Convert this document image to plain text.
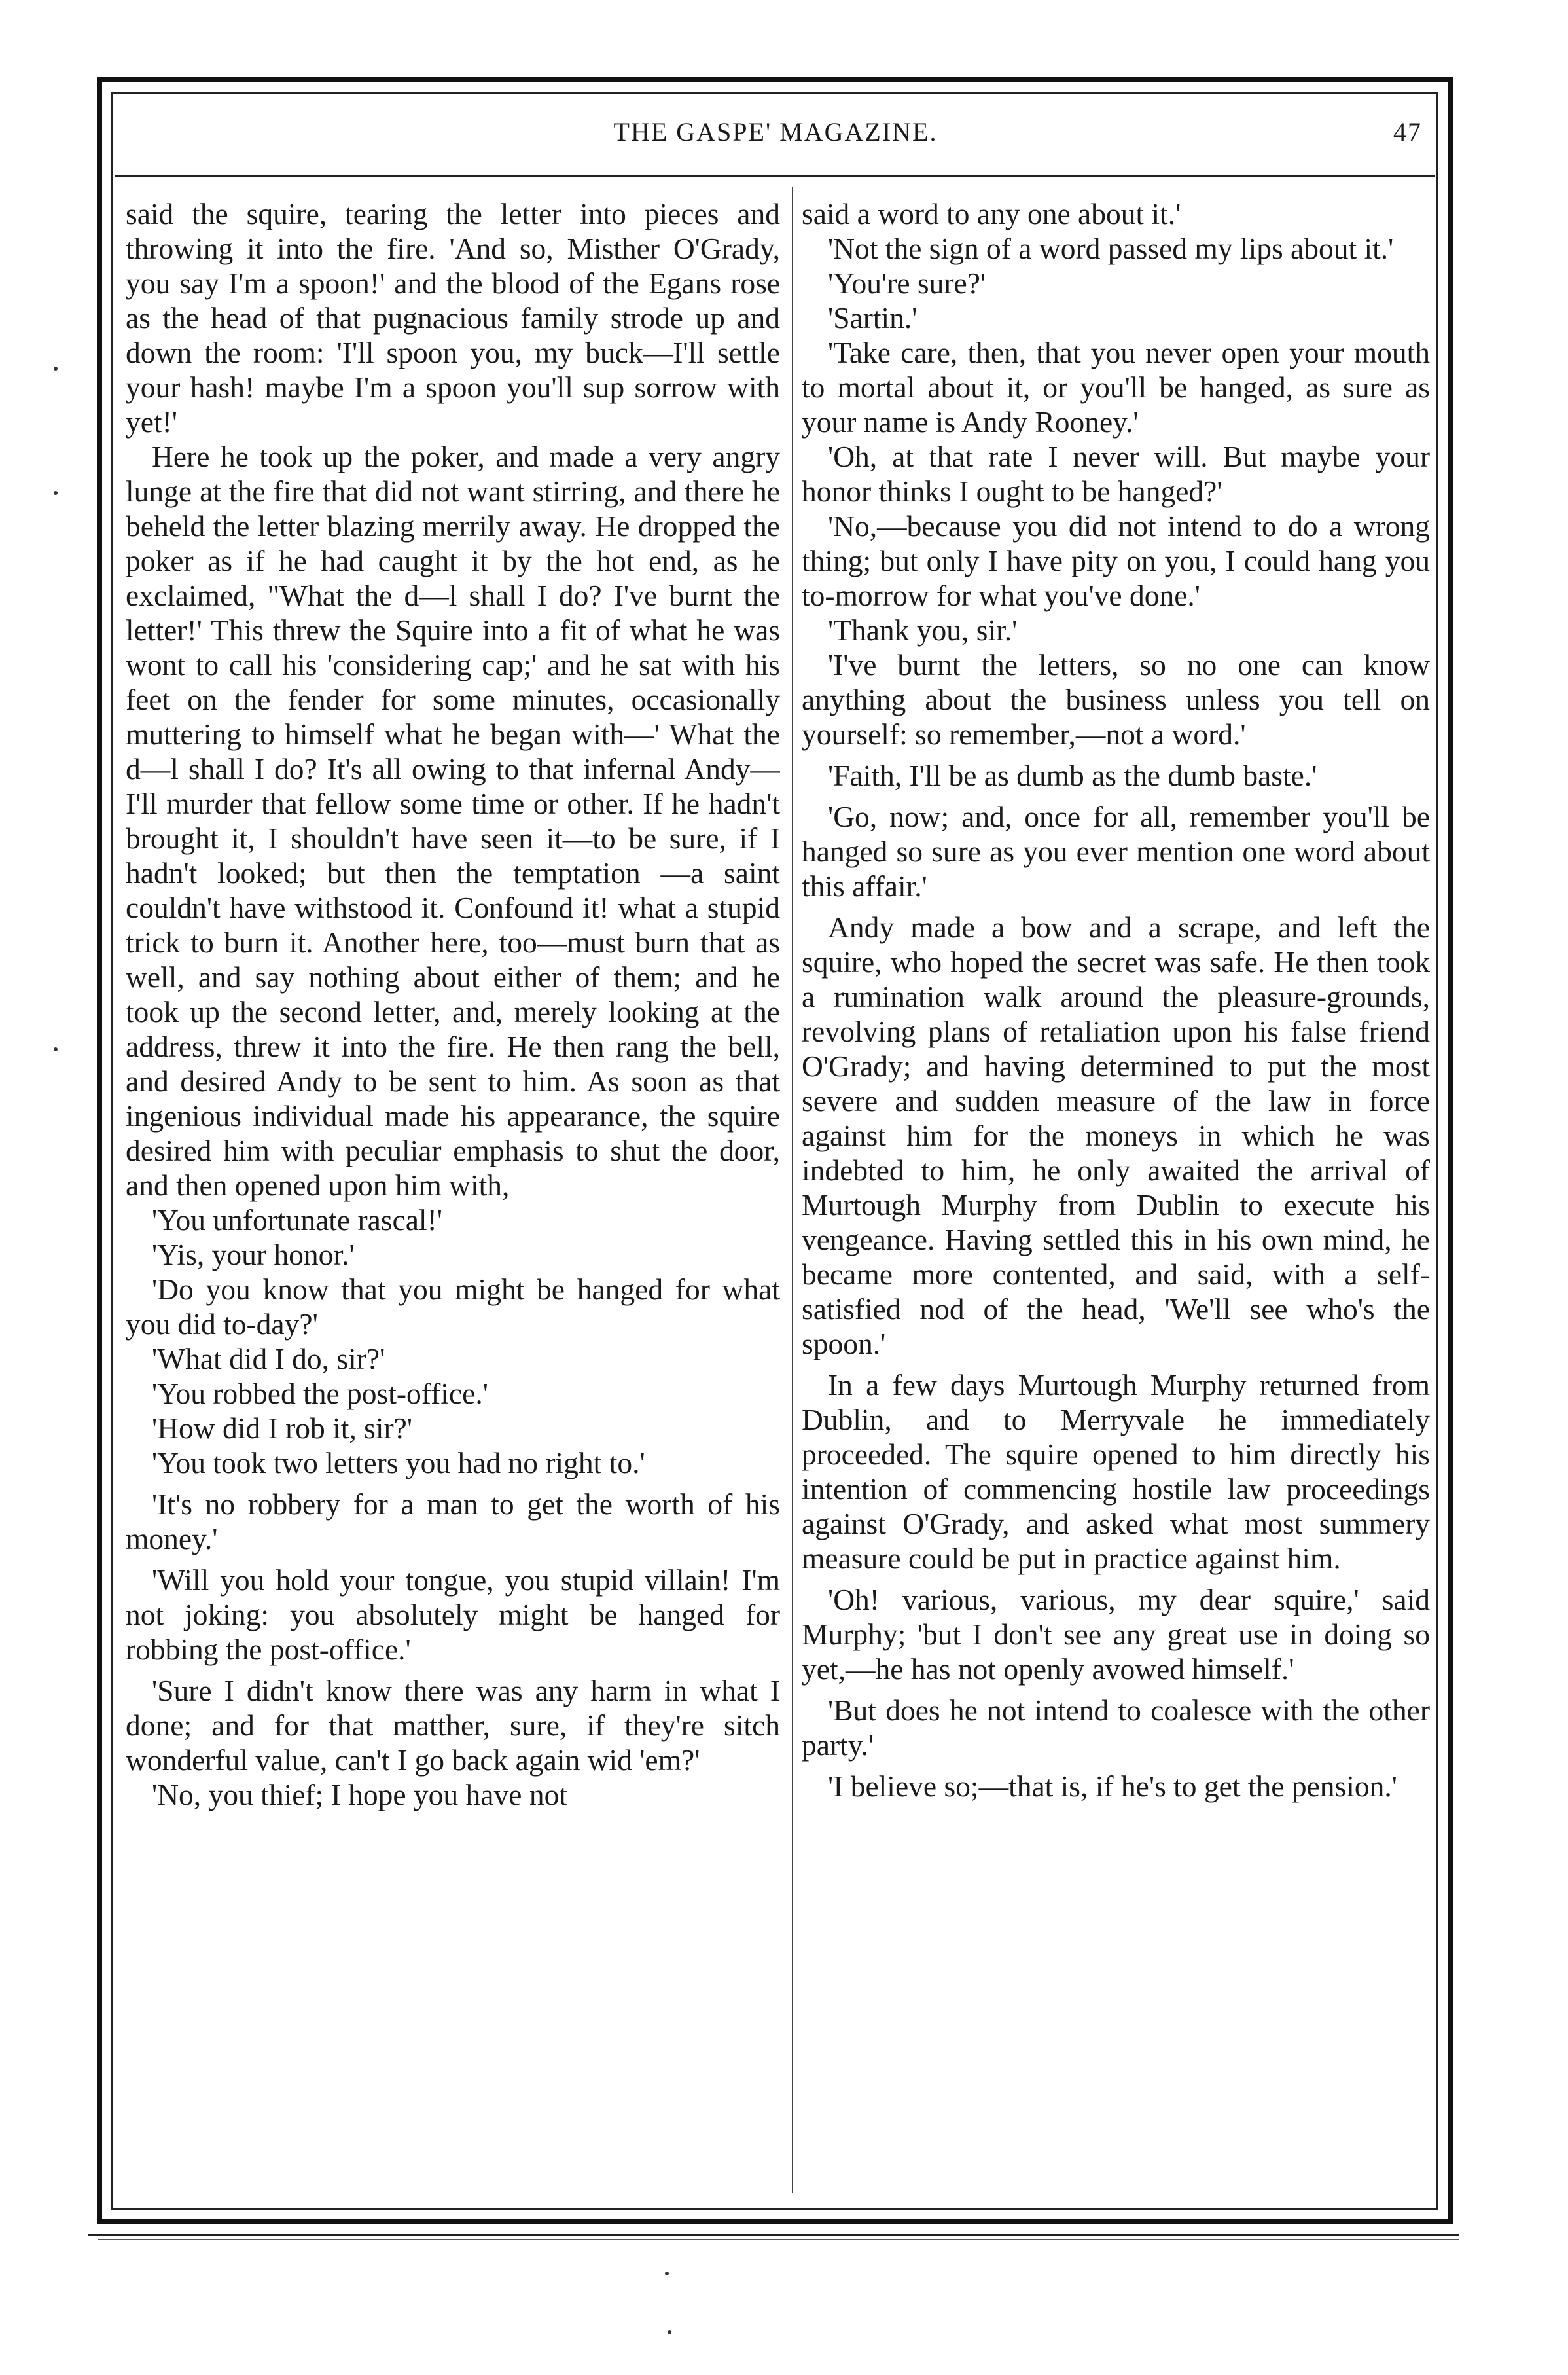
THE GASPE' MAGAZINE.	47

said the squire, tearing the letter into pieces and throwing it into the fire. 'And so, Misther O'Grady, you say I'm a spoon!' and the blood of the Egans rose as the head of that pugnacious family strode up and down the room: 'I'll spoon you, my buck—I'll settle your hash! maybe I'm a spoon you'll sup sorrow with yet!'

Here he took up the poker, and made a very angry lunge at the fire that did not want stirring, and there he beheld the letter blazing merrily away. He dropped the poker as if he had caught it by the hot end, as he exclaimed, "What the d—l shall I do? I've burnt the letter!' This threw the Squire into a fit of what he was wont to call his 'considering cap;' and he sat with his feet on the fender for some minutes, occasionally muttering to himself what he began with—' What the d—l shall I do? It's all owing to that infernal Andy—I'll murder that fellow some time or other. If he hadn't brought it, I shouldn't have seen it—to be sure, if I hadn't looked; but then the temptation —a saint couldn't have withstood it. Confound it! what a stupid trick to burn it. Another here, too—must burn that as well, and say nothing about either of them; and he took up the second letter, and, merely looking at the address, threw it into the fire. He then rang the bell, and desired Andy to be sent to him. As soon as that ingenious individual made his appearance, the squire desired him with peculiar emphasis to shut the door, and then opened upon him with,

'You unfortunate rascal!'

'Yis, your honor.'

'Do you know that you might be hanged for what you did to-day?'

'What did I do, sir?'

'You robbed the post-office.'

'How did I rob it, sir?'

'You took two letters you had no right to.'

'It's no robbery for a man to get the worth of his money.'

'Will you hold your tongue, you stupid villain! I'm not joking: you absolutely might be hanged for robbing the post-office.'

'Sure I didn't know there was any harm in what I done; and for that matther, sure, if they're sitch wonderful value, can't I go back again wid 'em?'

'No, you thief; I hope you have not

said a word to any one about it.'

'Not the sign of a word passed my lips about it.'

'You're sure?'

'Sartin.'

'Take care, then, that you never open your mouth to mortal about it, or you'll be hanged, as sure as your name is Andy Rooney.'

'Oh, at that rate I never will. But maybe your honor thinks I ought to be hanged?'

'No,—because you did not intend to do a wrong thing; but only I have pity on you, I could hang you to-morrow for what you've done.'

'Thank you, sir.'

'I've burnt the letters, so no one can know anything about the business unless you tell on yourself: so remember,—not a word.'

'Faith, I'll be as dumb as the dumb baste.'

'Go, now; and, once for all, remember you'll be hanged so sure as you ever mention one word about this affair.'

Andy made a bow and a scrape, and left the squire, who hoped the secret was safe. He then took a rumination walk around the pleasure-grounds, revolving plans of retaliation upon his false friend O'Grady; and having determined to put the most severe and sudden measure of the law in force against him for the moneys in which he was indebted to him, he only awaited the arrival of Murtough Murphy from Dublin to execute his vengeance. Having settled this in his own mind, he became more contented, and said, with a self-satisfied nod of the head, 'We'll see who's the spoon.'

In a few days Murtough Murphy returned from Dublin, and to Merryvale he immediately proceeded. The squire opened to him directly his intention of commencing hostile law proceedings against O'Grady, and asked what most summery measure could be put in practice against him.

'Oh! various, various, my dear squire,' said Murphy; 'but I don't see any great use in doing so yet,—he has not openly avowed himself.'

'But does he not intend to coalesce with the other party.'

'I believe so;—that is, if he's to get the pension.'
